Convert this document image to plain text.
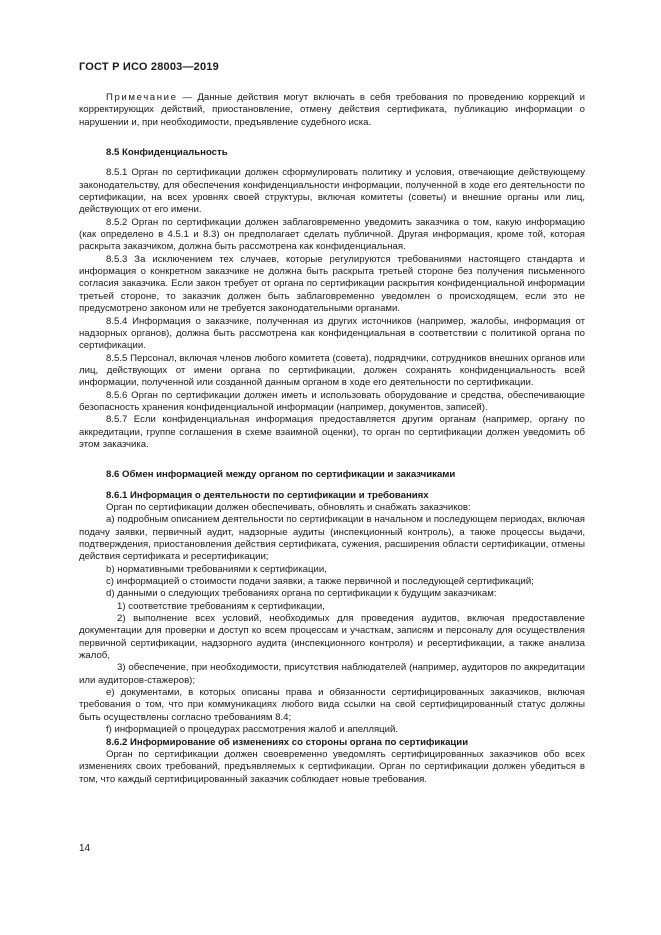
ГОСТ Р ИСО 28003—2019

Примечание — Данные действия могут включать в себя требования по проведению коррекций и корректирующих действий, приостановление, отмену действия сертификата, публикацию информации о нарушении и, при необходимости, предъявление судебного иска.

8.5 Конфиденциальность

8.5.1 Орган по сертификации должен сформулировать политику и условия, отвечающие действующему законодательству, для обеспечения конфиденциальности информации, полученной в ходе его деятельности по сертификации, на всех уровнях своей структуры, включая комитеты (советы) и внешние органы или лиц, действующих от его имени.

8.5.2 Орган по сертификации должен заблаговременно уведомить заказчика о том, какую информацию (как определено в 4.5.1 и 8.3) он предполагает сделать публичной. Другая информация, кроме той, которая раскрыта заказчиком, должна быть рассмотрена как конфиденциальная.

8.5.3 За исключением тех случаев, которые регулируются требованиями настоящего стандарта и информация о конкретном заказчике не должна быть раскрыта третьей стороне без получения письменного согласия заказчика. Если закон требует от органа по сертификации раскрытия конфиденциальной информации третьей стороне, то заказчик должен быть заблаговременно уведомлен о происходящем, если это не предусмотрено законом или не требуется законодательными органами.

8.5.4 Информация о заказчике, полученная из других источников (например, жалобы, информация от надзорных органов), должна быть рассмотрена как конфиденциальная в соответствии с политикой органа по сертификации.

8.5.5 Персонал, включая членов любого комитета (совета), подрядчики, сотрудников внешних органов или лиц, действующих от имени органа по сертификации, должен сохранять конфиденциальность всей информации, полученной или созданной данным органом в ходе его деятельности по сертификации.

8.5.6 Орган по сертификации должен иметь и использовать оборудование и средства, обеспечивающие безопасность хранения конфиденциальной информации (например, документов, записей).

8.5.7 Если конфиденциальная информация предоставляется другим органам (например, органу по аккредитации, группе соглашения в схеме взаимной оценки), то орган по сертификации должен уведомить об этом заказчика.

8.6 Обмен информацией между органом по сертификации и заказчиками
8.6.1 Информация о деятельности по сертификации и требованиях

Орган по сертификации должен обеспечивать, обновлять и снабжать заказчиков:

a) подробным описанием деятельности по сертификации в начальном и последующем периодах, включая подачу заявки, первичный аудит, надзорные аудиты (инспекционный контроль), а также процессы выдачи, подтверждения, приостановления действия сертификата, сужения, расширения области сертификации, отмены действия сертификата и ресертификации;

b) нормативными требованиями к сертификации,

c) информацией о стоимости подачи заявки, а также первичной и последующей сертификаций;

d) данными о следующих требованиях органа по сертификации к будущим заказчикам:

1) соответствие требованиям к сертификации,

2) выполнение всех условий, необходимых для проведения аудитов, включая предоставление документации для проверки и доступ ко всем процессам и участкам, записям и персоналу для осуществления первичной сертификации, надзорного аудита (инспекционного контроля) и ресертификации, а также анализа жалоб,

3) обеспечение, при необходимости, присутствия наблюдателей (например, аудиторов по аккредитации или аудиторов-стажеров);

e) документами, в которых описаны права и обязанности сертифицированных заказчиков, включая требования о том, что при коммуникациях любого вида ссылки на свой сертифицированный статус должны быть осуществлены согласно требованиям 8.4;

f) информацией о процедурах рассмотрения жалоб и апелляций.

8.6.2 Информирование об изменениях со стороны органа по сертификации

Орган по сертификации должен своевременно уведомлять сертифицированных заказчиков обо всех изменениях своих требований, предъявляемых к сертификации. Орган по сертификации должен убедиться в том, что каждый сертифицированный заказчик соблюдает новые требования.

14
